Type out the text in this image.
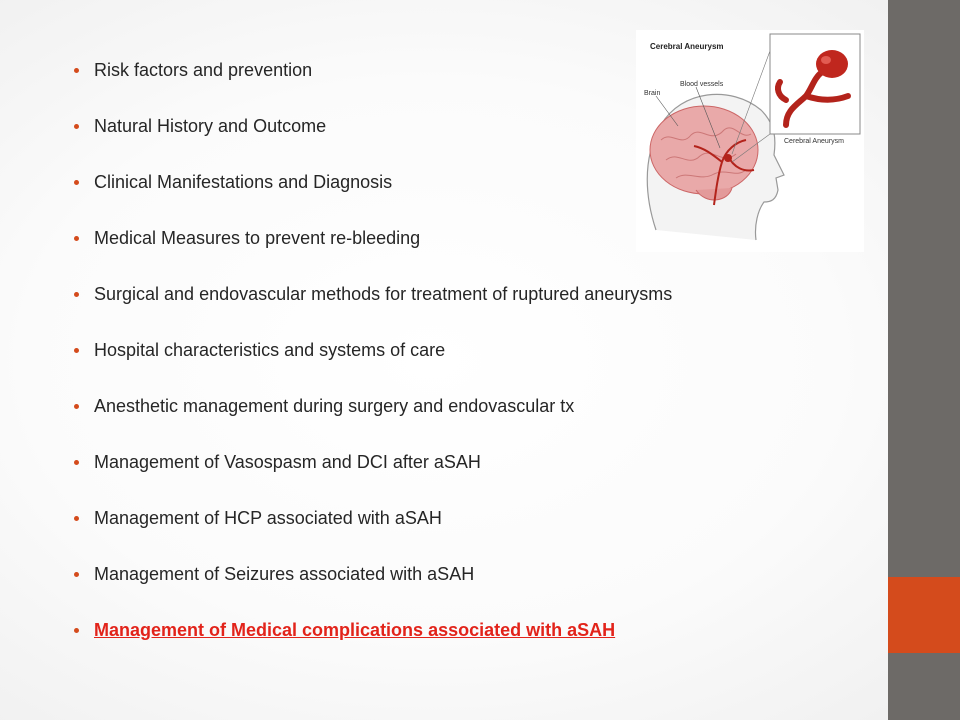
Risk factors and prevention
Natural History and Outcome
Clinical Manifestations and Diagnosis
Medical Measures to prevent re-bleeding
Surgical and endovascular methods for treatment of ruptured aneurysms
Hospital characteristics and systems of care
Anesthetic management during surgery and endovascular tx
Management of Vasospasm and DCI after aSAH
Management of HCP associated with aSAH
Management of Seizures associated with aSAH
Management of Medical complications associated with aSAH
Cerebral Aneurysm
Brain
Blood vessels
Cerebral Aneurysm
